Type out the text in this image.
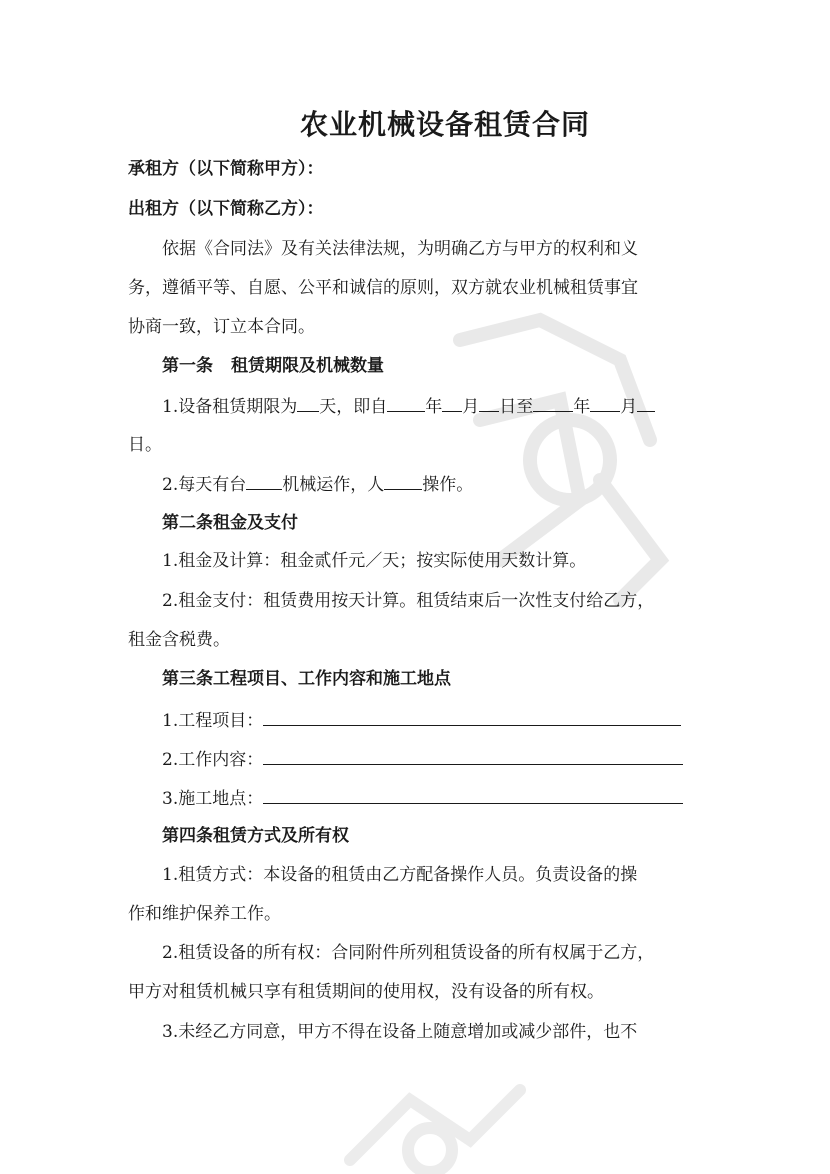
农业机械设备租赁合同
承租方（以下简称甲方）：
出租方（以下简称乙方）：
依据《合同法》及有关法律法规，为明确乙方与甲方的权利和义
务，遵循平等、自愿、公平和诚信的原则，双方就农业机械租赁事宜
协商一致，订立本合同。
第一条 租赁期限及机械数量
1.设备租赁期限为 天，即自 年 月 日至 年 月
日。
2.每天有台 机械运作，人 操作。
第二条租金及支付
1.租金及计算：租金贰仟元／天；按实际使用天数计算。
2.租金支付：租赁费用按天计算。租赁结束后一次性支付给乙方，
租金含税费。
第三条工程项目、工作内容和施工地点
1.工程项目：
2.工作内容：
3.施工地点：
第四条租赁方式及所有权
1.租赁方式：本设备的租赁由乙方配备操作人员。负责设备的操
作和维护保养工作。
2.租赁设备的所有权：合同附件所列租赁设备的所有权属于乙方，
甲方对租赁机械只享有租赁期间的使用权，没有设备的所有权。
3.未经乙方同意，甲方不得在设备上随意增加或减少部件，也不
